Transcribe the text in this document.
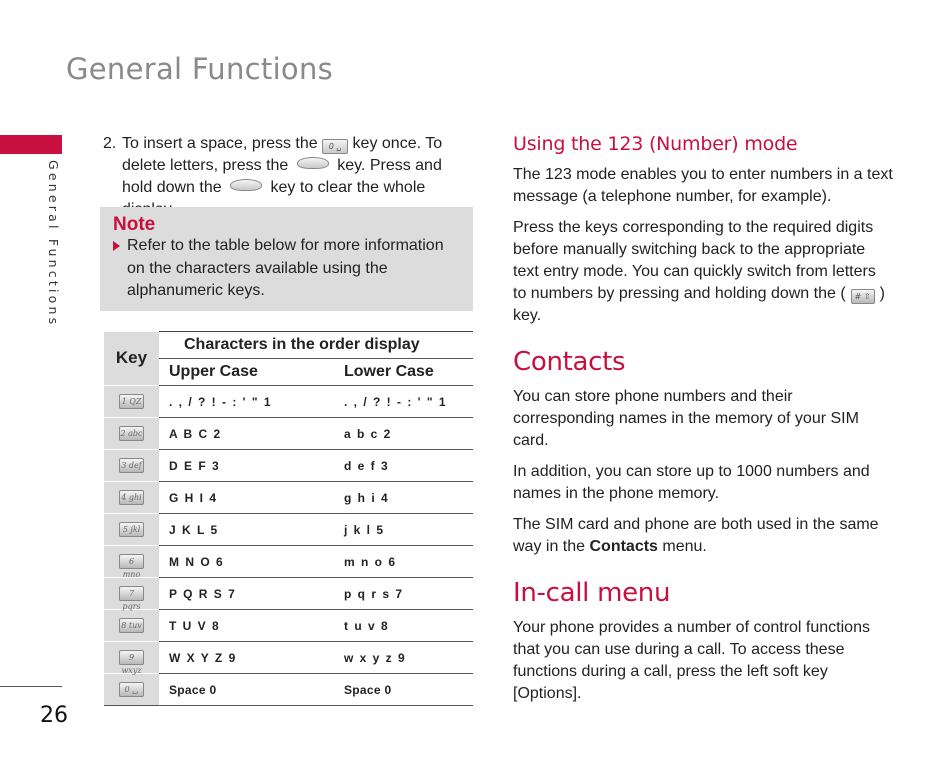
General Functions
General Functions
26
2. To insert a space, press the 0 ␣ key once. To delete letters, press the	key. Press and hold down the	key to clear the whole
Note
Refer to the table below for more information on the characters available using the alphanumeric keys.
Key	Characters in the order display	
	Upper Case	Lower Case
1 QZ	. , / ? ! - : ' " 1	. , / ? ! - : ' " 1
2 abc	A B C 2	a b c 2
3 def	D E F 3	d e f 3
4 ghi	G H I 4	g h i 4
5 jkl	J K L 5	j k l 5
6 mno	M N O 6	m n o 6
7 pqrs	P Q R S 7	p q r s 7
8 tuv	T U V 8	t u v 8
9 wxyz	W X Y Z 9	w x y z 9
0 ␣	Space 0	Space 0
Using the 123 (Number) mode

The 123 mode enables you to enter numbers in a text message (a telephone number, for example).

Press the keys corresponding to the required digits before manually switching back to the appropriate text entry mode. You can quickly switch from letters to numbers by pressing and holding down the ( # ⇧ ) key.

Contacts

You can store phone numbers and their corresponding names in the memory of your SIM card.

In addition, you can store up to 1000 numbers and names in the phone memory.

The SIM card and phone are both used in the same way in the Contacts menu.

In-call menu

Your phone provides a number of control functions that you can use during a call. To access these functions during a call, press the left soft key [Options].
